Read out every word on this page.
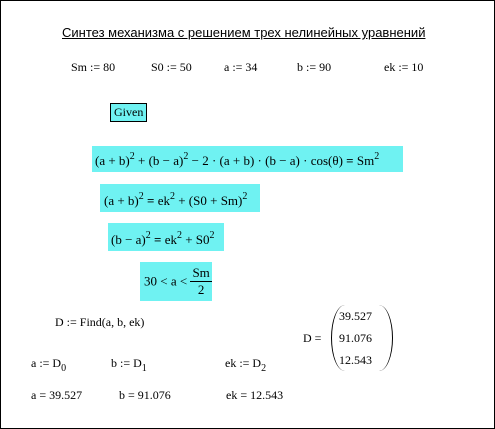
Синтез механизма с решением трех нелинейных уравнений
Sm := 80	S0 := 50	a := 34	b := 90	ek := 10
Given
$(a + b)^2 + (b - a)^2 - 2 \cdot (a + b) \cdot (b - a) \cdot \cos(\theta) = Sm^2$
$(a + b)^2 = ek^2 + (S0 + Sm)^2$
$(b - a)^2 = ek^2 + S0^2$
$30 < a < \frac{Sm}{2}$
D := Find(a, b, ek)
D =
39.527
91.076
12.543
a := $D_0$	b := $D_1$	ek := $D_2$
a = 39.527	b = 91.076	ek = 12.543
